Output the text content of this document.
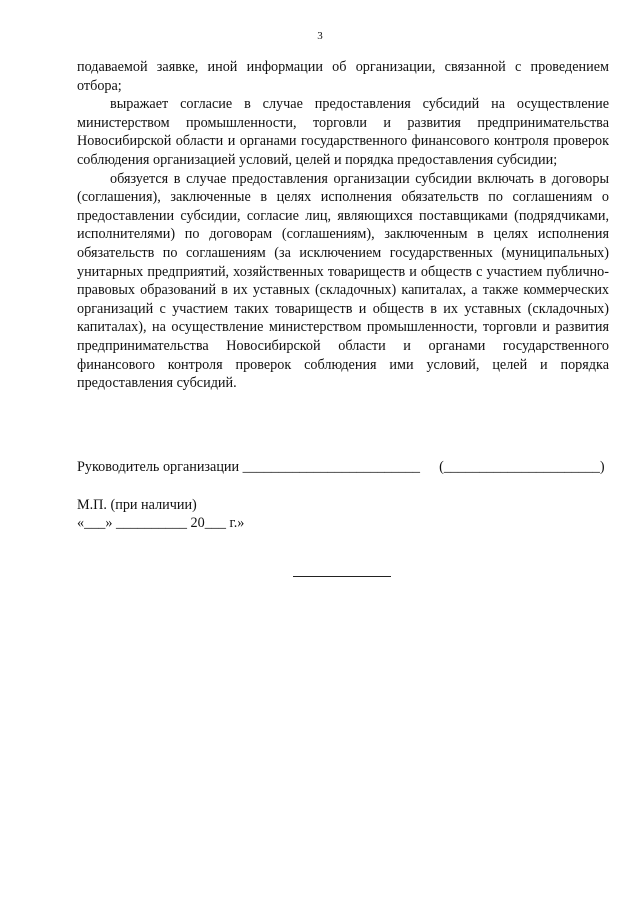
3

подаваемой заявке, иной информации об организации, связанной с проведением отбора;

выражает согласие в случае предоставления субсидий на осуществление министерством промышленности, торговли и развития предпринимательства Новосибирской области и органами государственного финансового контроля проверок соблюдения организацией условий, целей и порядка предоставления субсидии;

обязуется в случае предоставления организации субсидии включать в договоры (соглашения), заключенные в целях исполнения обязательств по соглашениям о предоставлении субсидии, согласие лиц, являющихся поставщиками (подрядчиками, исполнителями) по договорам (соглашениям), заключенным в целях исполнения обязательств по соглашениям (за исключением государственных (муниципальных) унитарных предприятий, хозяйственных товариществ и обществ с участием публично-правовых образований в их уставных (складочных) капиталах, а также коммерческих организаций с участием таких товариществ и обществ в их уставных (складочных) капиталах), на осуществление министерством промышленности, торговли и развития предпринимательства Новосибирской области и органами государственного финансового контроля проверок соблюдения ими условий, целей и порядка предоставления субсидий.

Руководитель организации _________________________ (______________________)
М.П. (при наличии)
«___» __________ 20___ г.»
